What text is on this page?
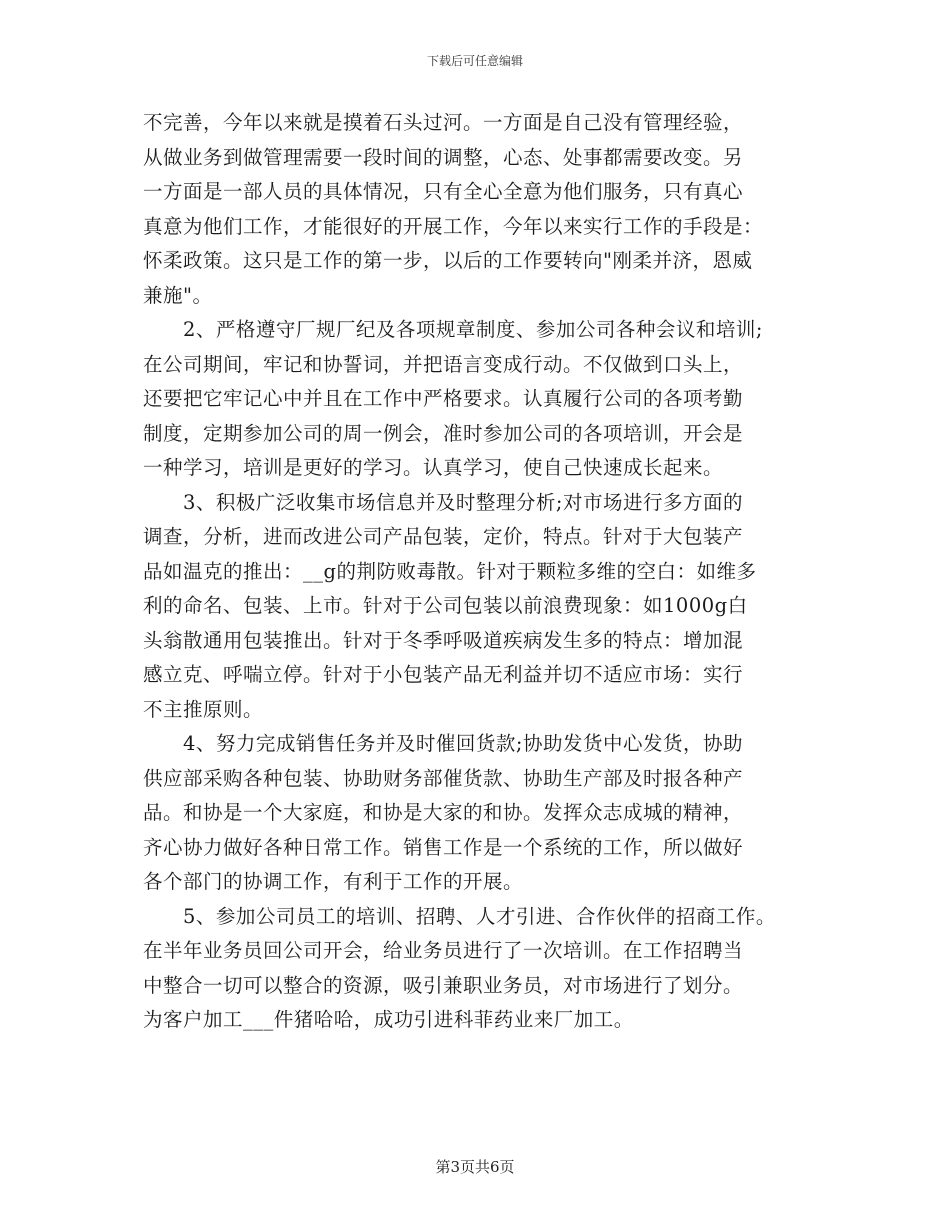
下载后可任意编辑
不完善，今年以来就是摸着石头过河。一方面是自己没有管理经验，
从做业务到做管理需要一段时间的调整，心态、处事都需要改变。另
一方面是一部人员的具体情况，只有全心全意为他们服务，只有真心
真意为他们工作，才能很好的开展工作，今年以来实行工作的手段是：
怀柔政策。这只是工作的第一步，以后的工作要转向"刚柔并济，恩威
兼施"。
　　2、严格遵守厂规厂纪及各项规章制度、参加公司各种会议和培训;
在公司期间，牢记和协誓词，并把语言变成行动。不仅做到口头上，
还要把它牢记心中并且在工作中严格要求。认真履行公司的各项考勤
制度，定期参加公司的周一例会，准时参加公司的各项培训，开会是
一种学习，培训是更好的学习。认真学习，使自己快速成长起来。
　　3、积极广泛收集市场信息并及时整理分析;对市场进行多方面的
调查，分析，进而改进公司产品包装，定价，特点。针对于大包装产
品如温克的推出：__g的荆防败毒散。针对于颗粒多维的空白：如维多
利的命名、包装、上市。针对于公司包装以前浪费现象：如1000g白
头翁散通用包装推出。针对于冬季呼吸道疾病发生多的特点：增加混
感立克、呼喘立停。针对于小包装产品无利益并切不适应市场：实行
不主推原则。
　　4、努力完成销售任务并及时催回货款;协助发货中心发货，协助
供应部采购各种包装、协助财务部催货款、协助生产部及时报各种产
品。和协是一个大家庭，和协是大家的和协。发挥众志成城的精神，
齐心协力做好各种日常工作。销售工作是一个系统的工作，所以做好
各个部门的协调工作，有利于工作的开展。
　　5、参加公司员工的培训、招聘、人才引进、合作伙伴的招商工作。
在半年业务员回公司开会，给业务员进行了一次培训。在工作招聘当
中整合一切可以整合的资源，吸引兼职业务员，对市场进行了划分。
为客户加工___件猪哈哈，成功引进科菲药业来厂加工。
第3页共6页
